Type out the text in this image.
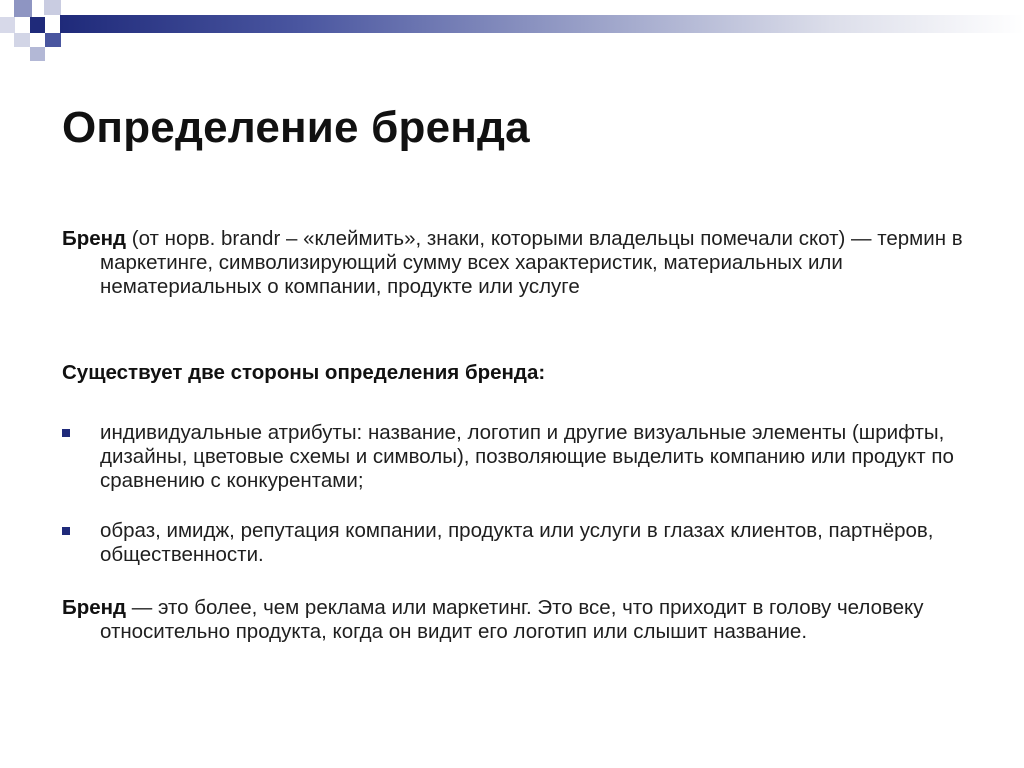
Определение бренда

Бренд (от норв. brandr – «клеймить», знаки, которыми владельцы помечали скот) — термин в маркетинге, символизирующий сумму всех характеристик, материальных или нематериальных о компании, продукте или услуге

Существует две стороны определения бренда:

индивидуальные атрибуты: название, логотип и другие визуальные элементы (шрифты, дизайны, цветовые схемы и символы), позволяющие выделить компанию или продукт по сравнению с конкурентами;

образ, имидж, репутация компании, продукта или услуги в глазах клиентов, партнёров, общественности.

Бренд — это более, чем реклама или маркетинг. Это все, что приходит в голову человеку относительно продукта, когда он видит его логотип или слышит название.
